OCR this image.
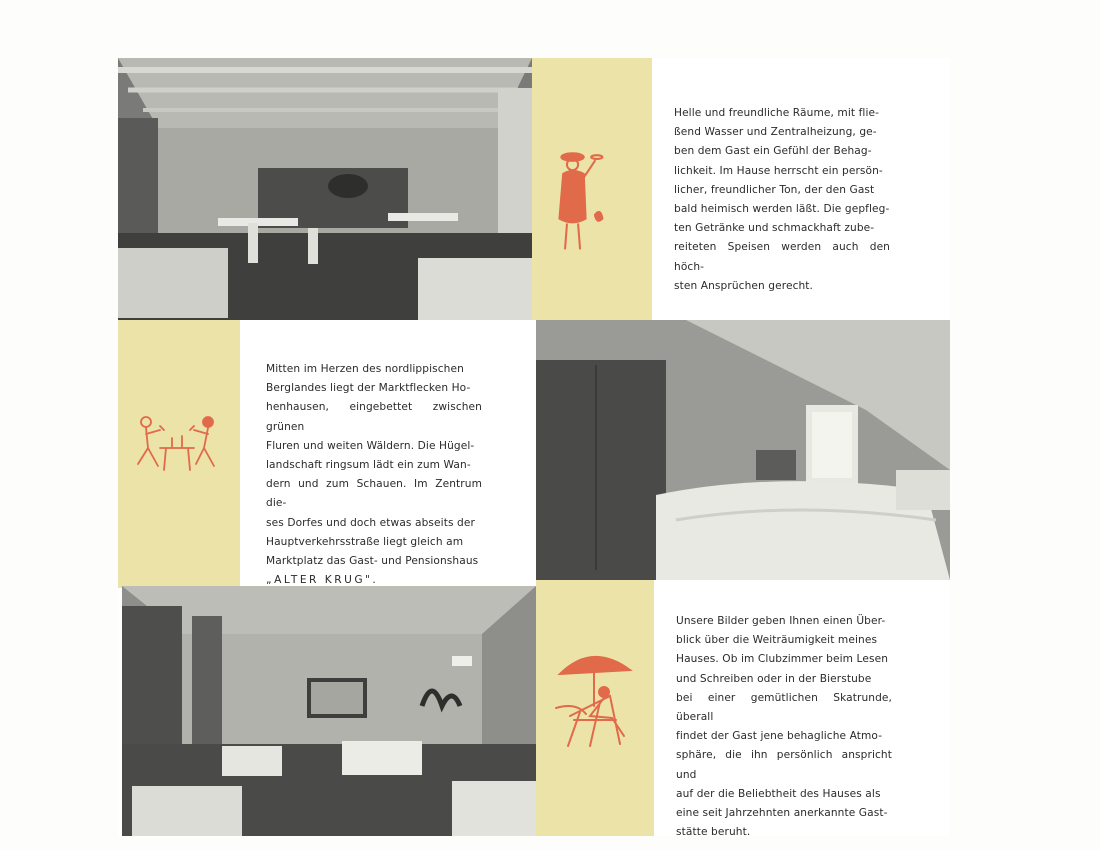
Helle und freundliche Räume, mit flie-
ßend Wasser und Zentralheizung, ge-
ben dem Gast ein Gefühl der Behag-
lichkeit. Im Hause herrscht ein persön-
licher, freundlicher Ton, der den Gast
bald heimisch werden läßt. Die gepfleg-
ten Getränke und schmackhaft zube-
reiteten Speisen werden auch den höch-
sten Ansprüchen gerecht.

Mitten im Herzen des nordlippischen
Berglandes liegt der Marktflecken Ho-
henhausen, eingebettet zwischen grünen
Fluren und weiten Wäldern. Die Hügel-
landschaft ringsum lädt ein zum Wan-
dern und zum Schauen. Im Zentrum die-
ses Dorfes und doch etwas abseits der
Hauptverkehrsstraße liegt gleich am
Marktplatz das Gast- und Pensionshaus

„ALTER KRUG".

Unsere Bilder geben Ihnen einen Über-
blick über die Weiträumigkeit meines
Hauses. Ob im Clubzimmer beim Lesen
und Schreiben oder in der Bierstube
bei einer gemütlichen Skatrunde, überall
findet der Gast jene behagliche Atmo-
sphäre, die ihn persönlich anspricht und
auf der die Beliebtheit des Hauses als
eine seit Jahrzehnten anerkannte Gast-
stätte beruht.
